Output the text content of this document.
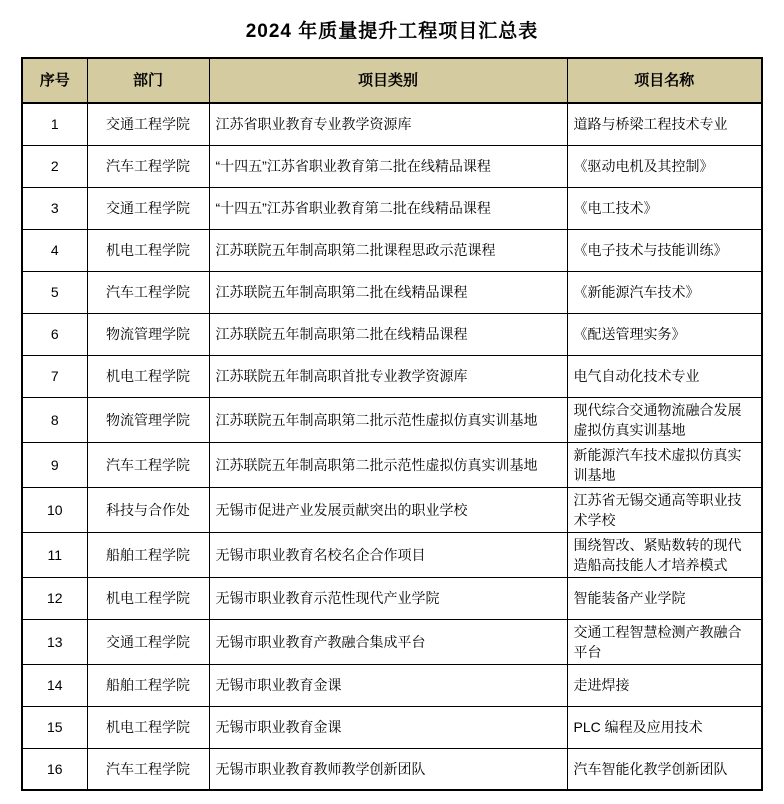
2024 年质量提升工程项目汇总表
序号	部门	项目类别	项目名称
1	交通工程学院	江苏省职业教育专业教学资源库	道路与桥梁工程技术专业
2	汽车工程学院	“十四五”江苏省职业教育第二批在线精品课程	《驱动电机及其控制》
3	交通工程学院	“十四五”江苏省职业教育第二批在线精品课程	《电工技术》
4	机电工程学院	江苏联院五年制高职第二批课程思政示范课程	《电子技术与技能训练》
5	汽车工程学院	江苏联院五年制高职第二批在线精品课程	《新能源汽车技术》
6	物流管理学院	江苏联院五年制高职第二批在线精品课程	《配送管理实务》
7	机电工程学院	江苏联院五年制高职首批专业教学资源库	电气自动化技术专业
8	物流管理学院	江苏联院五年制高职第二批示范性虚拟仿真实训基地	现代综合交通物流融合发展虚拟仿真实训基地
9	汽车工程学院	江苏联院五年制高职第二批示范性虚拟仿真实训基地	新能源汽车技术虚拟仿真实训基地
10	科技与合作处	无锡市促进产业发展贡献突出的职业学校	江苏省无锡交通高等职业技术学校
11	船舶工程学院	无锡市职业教育名校名企合作项目	围绕智改、紧贴数转的现代造船高技能人才培养模式
12	机电工程学院	无锡市职业教育示范性现代产业学院	智能装备产业学院
13	交通工程学院	无锡市职业教育产教融合集成平台	交通工程智慧检测产教融合平台
14	船舶工程学院	无锡市职业教育金课	走进焊接
15	机电工程学院	无锡市职业教育金课	PLC 编程及应用技术
16	汽车工程学院	无锡市职业教育教师教学创新团队	汽车智能化教学创新团队
